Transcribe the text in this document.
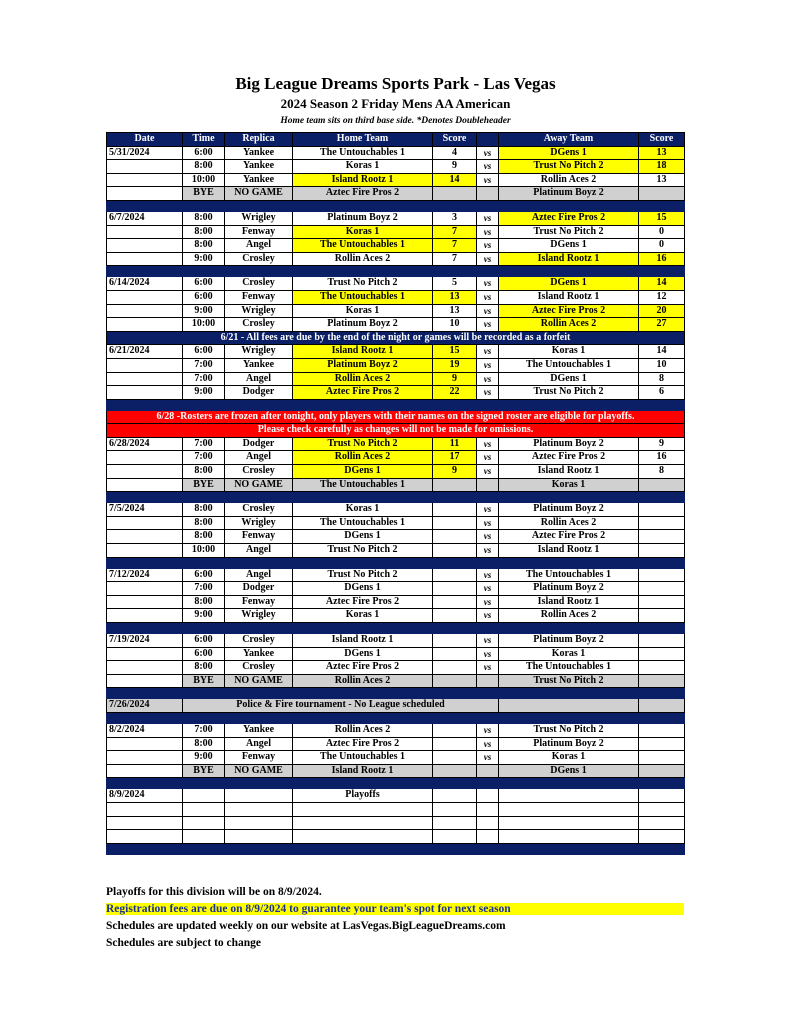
Big League Dreams Sports Park - Las Vegas
2024 Season 2 Friday Mens AA American
Home team sits on third base side. *Denotes Doubleheader
Date	Time	Replica	Home Team	Score		Away Team	Score
5/31/2024	6:00	Yankee	The Untouchables 1	4	vs	DGens 1	13
	8:00	Yankee	Koras 1	9	vs	Trust No Pitch 2	18
	10:00	Yankee	Island Rootz 1	14	vs	Rollin Aces 2	13
	BYE	NO GAME	Aztec Fire Pros 2			Platinum Boyz 2	

6/7/2024	8:00	Wrigley	Platinum Boyz 2	3	vs	Aztec Fire Pros 2	15
	8:00	Fenway	Koras 1	7	vs	Trust No Pitch 2	0
	8:00	Angel	The Untouchables 1	7	vs	DGens 1	0
	9:00	Crosley	Rollin Aces 2	7	vs	Island Rootz 1	16

6/14/2024	6:00	Crosley	Trust No Pitch 2	5	vs	DGens 1	14
	6:00	Fenway	The Untouchables 1	13	vs	Island Rootz 1	12
	9:00	Wrigley	Koras 1	13	vs	Aztec Fire Pros 2	20
	10:00	Crosley	Platinum Boyz 2	10	vs	Rollin Aces 2	27
6/21 - All fees are due by the end of the night or games will be recorded as a forfeit							
6/21/2024	6:00	Wrigley	Island Rootz 1	15	vs	Koras 1	14
	7:00	Yankee	Platinum Boyz 2	19	vs	The Untouchables 1	10
	7:00	Angel	Rollin Aces 2	9	vs	DGens 1	8
	9:00	Dodger	Aztec Fire Pros 2	22	vs	Trust No Pitch 2	6

6/28 -Rosters are frozen after tonight, only players with their names on the signed roster are eligible for playoffs.							
Please check carefully as changes will not be made for omissions.							
6/28/2024	7:00	Dodger	Trust No Pitch 2	11	vs	Platinum Boyz 2	9
	7:00	Angel	Rollin Aces 2	17	vs	Aztec Fire Pros 2	16
	8:00	Crosley	DGens 1	9	vs	Island Rootz 1	8
	BYE	NO GAME	The Untouchables 1			Koras 1	

7/5/2024	8:00	Crosley	Koras 1		vs	Platinum Boyz 2	
	8:00	Wrigley	The Untouchables 1		vs	Rollin Aces 2	
	8:00	Fenway	DGens 1		vs	Aztec Fire Pros 2	
	10:00	Angel	Trust No Pitch 2		vs	Island Rootz 1	

7/12/2024	6:00	Angel	Trust No Pitch 2		vs	The Untouchables 1	
	7:00	Dodger	DGens 1		vs	Platinum Boyz 2	
	8:00	Fenway	Aztec Fire Pros 2		vs	Island Rootz 1	
	9:00	Wrigley	Koras 1		vs	Rollin Aces 2	

7/19/2024	6:00	Crosley	Island Rootz 1		vs	Platinum Boyz 2	
	6:00	Yankee	DGens 1		vs	Koras 1	
	8:00	Crosley	Aztec Fire Pros 2		vs	The Untouchables 1	
	BYE	NO GAME	Rollin Aces 2			Trust No Pitch 2	

7/26/2024	Police & Fire tournament - No League scheduled						

8/2/2024	7:00	Yankee	Rollin Aces 2		vs	Trust No Pitch 2	
	8:00	Angel	Aztec Fire Pros 2		vs	Platinum Boyz 2	
	9:00	Fenway	The Untouchables 1		vs	Koras 1	
	BYE	NO GAME	Island Rootz 1			DGens 1	

8/9/2024			Playoffs				

Playoffs for this division will be on 8/9/2024.
Registration fees are due on 8/9/2024 to guarantee your team's spot for next season
Schedules are updated weekly on our website at LasVegas.BigLeagueDreams.com
Schedules are subject to change
